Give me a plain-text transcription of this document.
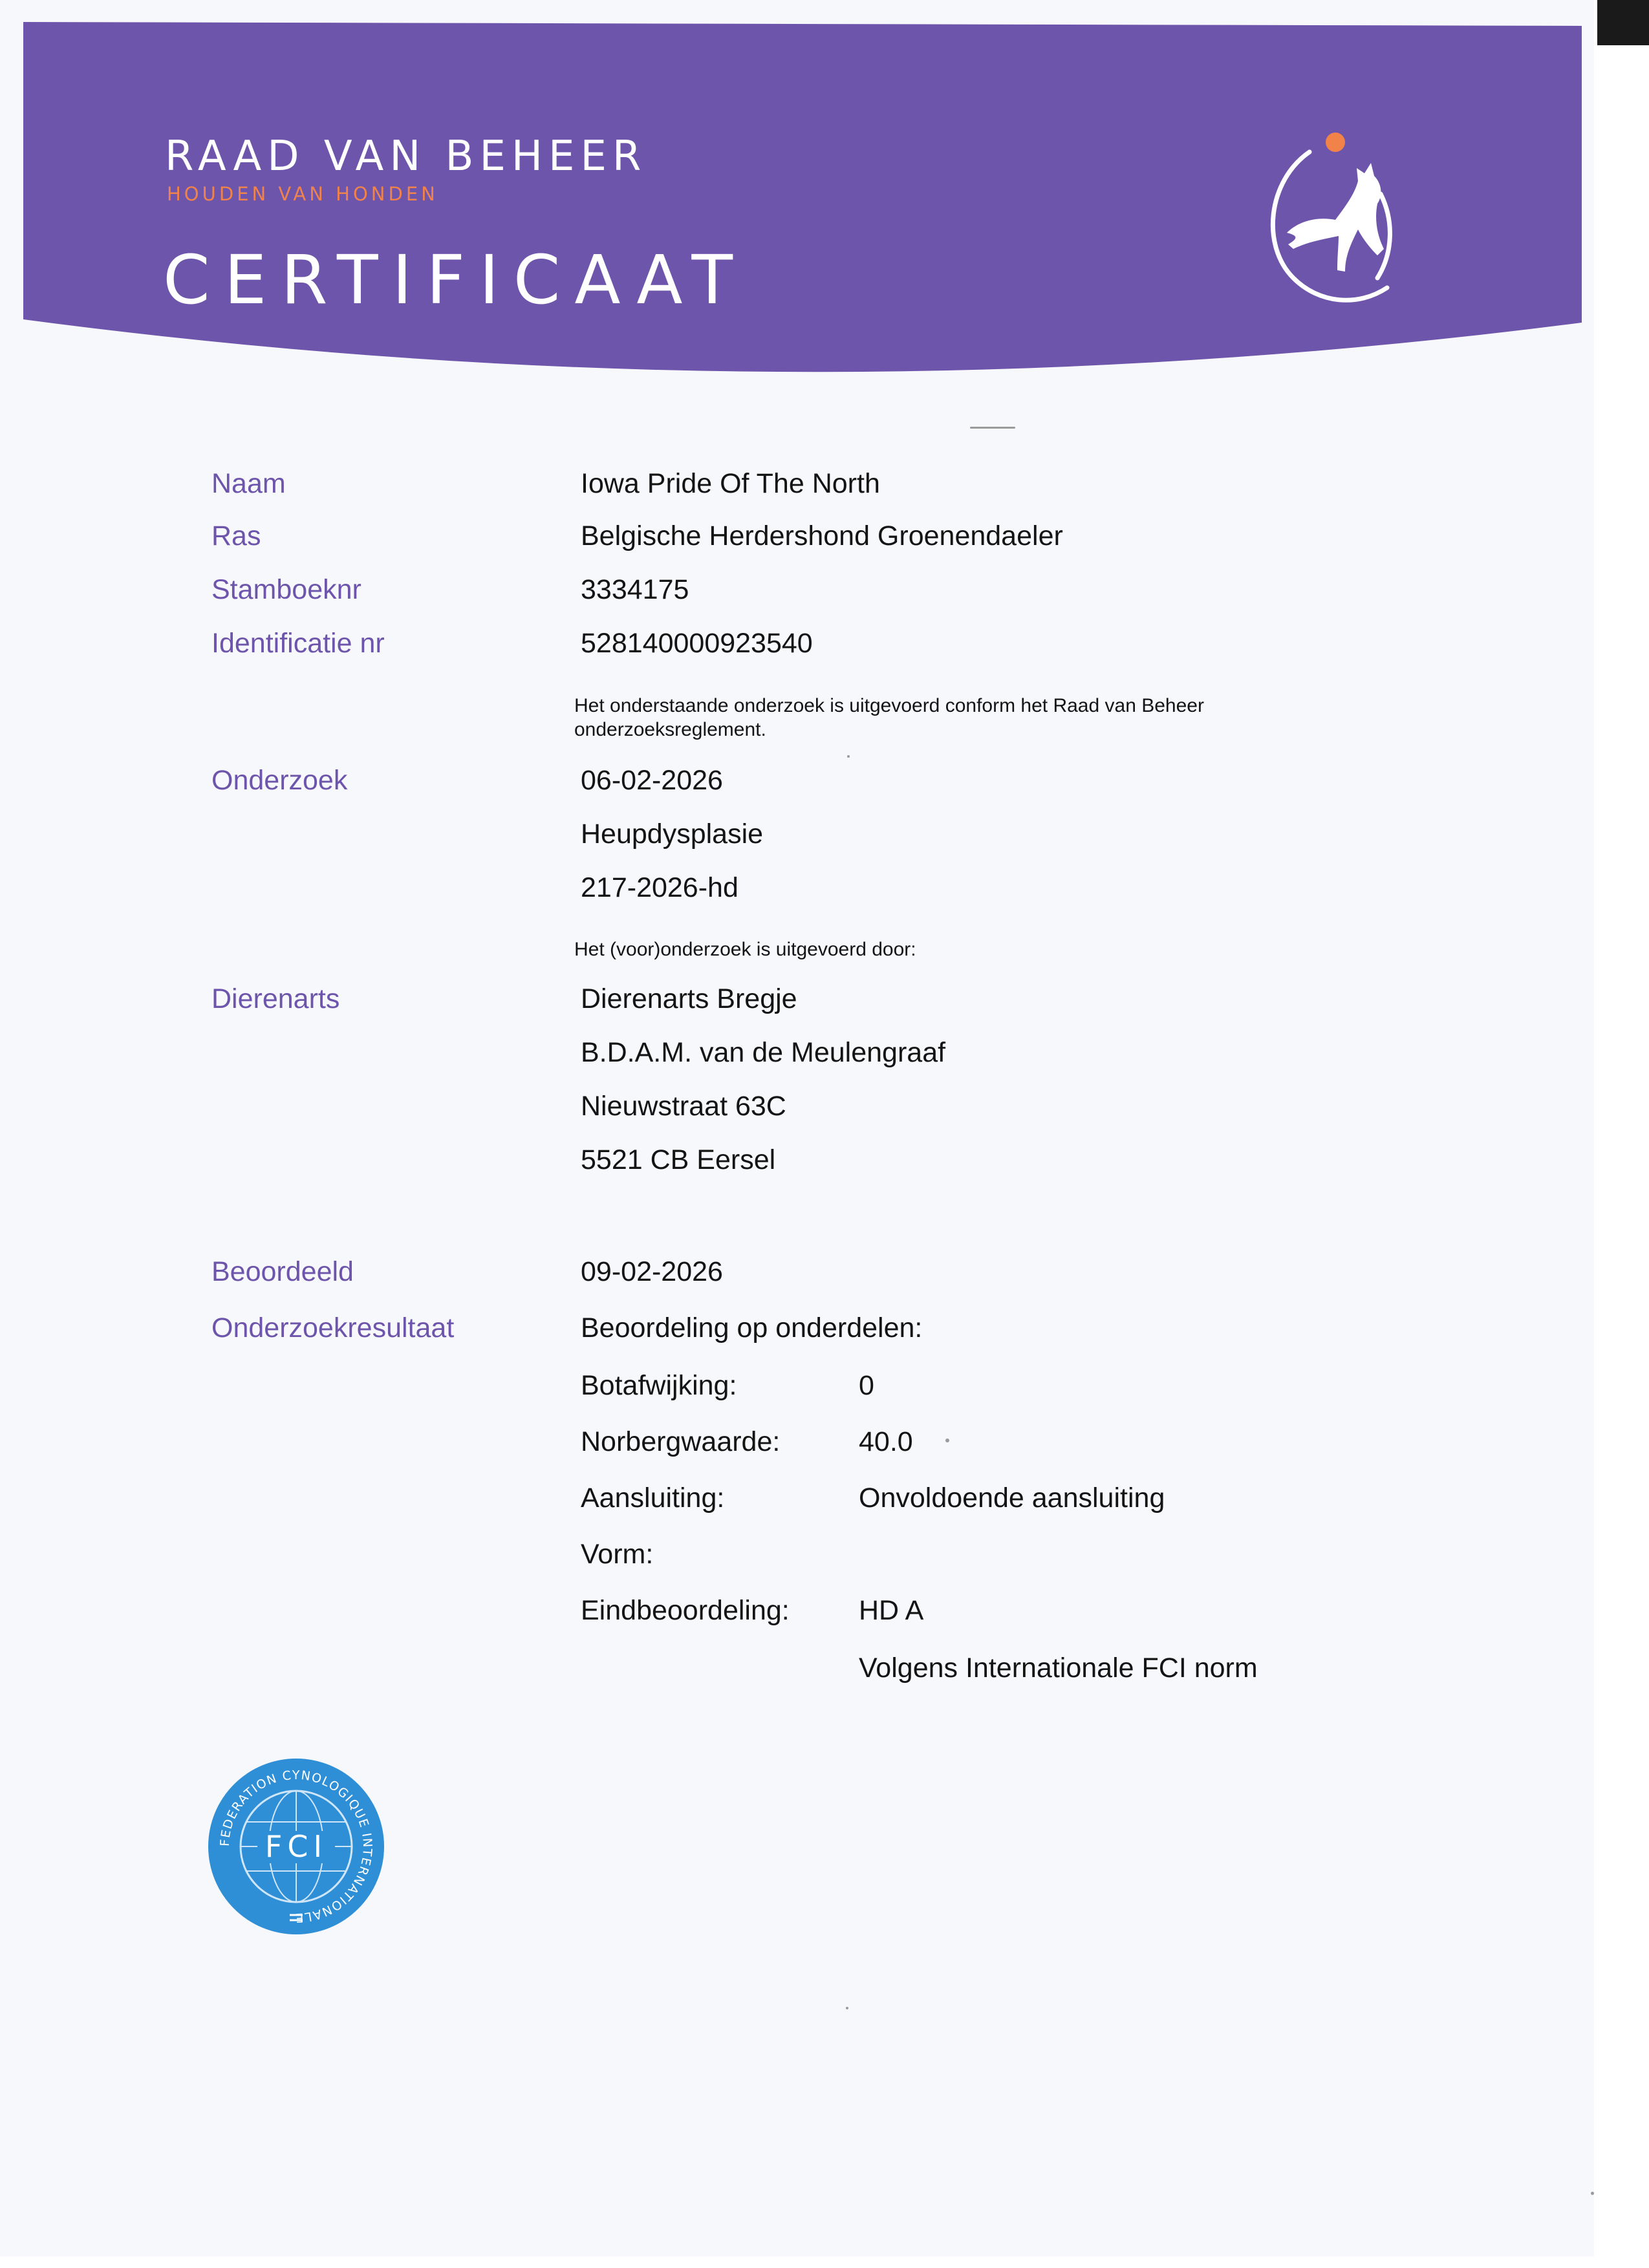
RAAD VAN BEHEER
HOUDEN VAN HONDEN
CERTIFICAAT
Naam	Iowa Pride Of The North
Ras	Belgische Herdershond Groenendaeler
Stamboeknr	3334175
Identificatie nr	528140000923540
Het onderstaande onderzoek is uitgevoerd conform het Raad van Beheer onderzoeksreglement.
Onderzoek	06-02-2026
Heupdysplasie
217-2026-hd
Het (voor)onderzoek is uitgevoerd door:
Dierenarts	Dierenarts Bregje
B.D.A.M. van de Meulengraaf
Nieuwstraat 63C
5521 CB Eersel
Beoordeeld	09-02-2026
Onderzoekresultaat	Beoordeling op onderdelen:
Botafwijking:	0
Norbergwaarde:	40.0
Aansluiting:	Onvoldoende aansluiting
Vorm:
Eindbeoordeling: HD A
Volgens Internationale FCI norm
FCI
FEDERATION CYNOLOGIQUE INTERNATIONALE
